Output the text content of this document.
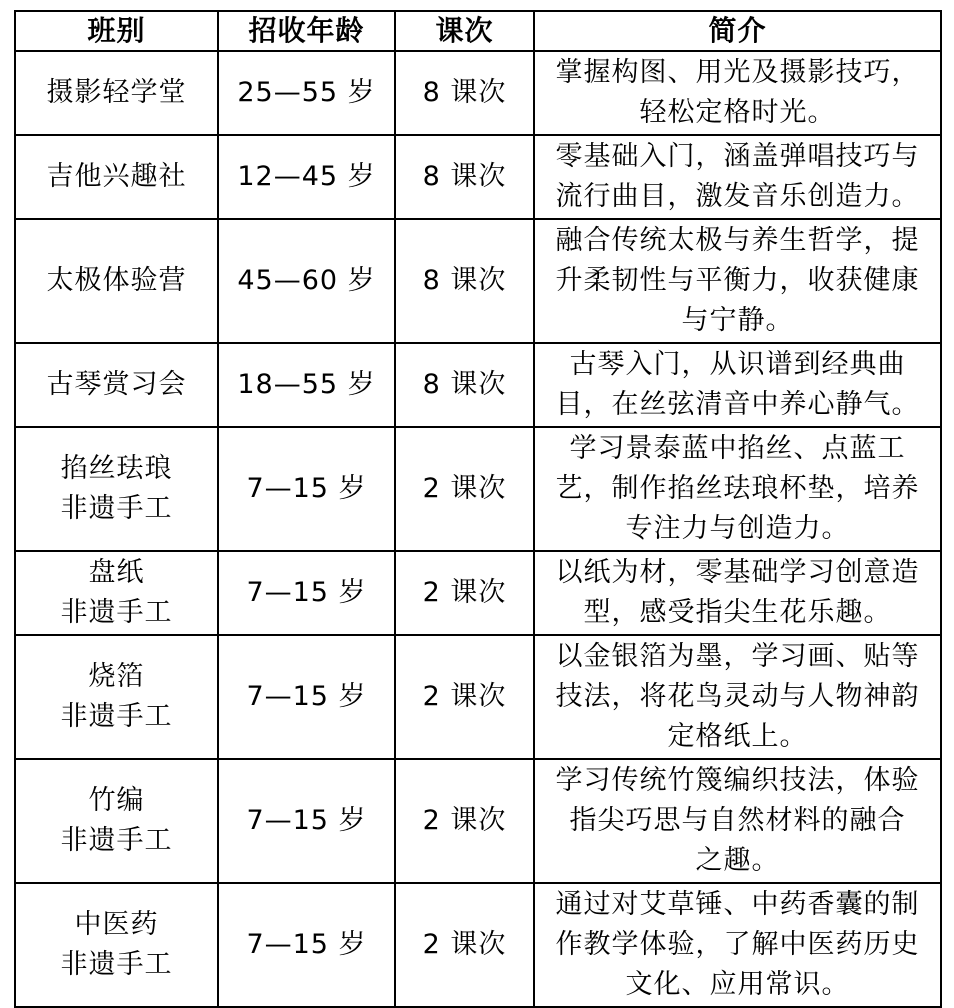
班别	招收年龄	课次	简介

摄影轻学堂	25—55 岁	8 课次	掌握构图、用光及摄影技巧，
轻松定格时光。

吉他兴趣社	12—45 岁	8 课次	零基础入门，涵盖弹唱技巧与
流行曲目，激发音乐创造力。

太极体验营	45—60 岁	8 课次	融合传统太极与养生哲学，提
升柔韧性与平衡力，收获健康
与宁静。

古琴赏习会	18—55 岁	8 课次	古琴入门，从识谱到经典曲
目，在丝弦清音中养心静气。

掐丝珐琅
非遗手工	7—15 岁	2 课次	学习景泰蓝中掐丝、点蓝工
艺，制作掐丝珐琅杯垫，培养
专注力与创造力。

盘纸
非遗手工	7—15 岁	2 课次	以纸为材，零基础学习创意造
型，感受指尖生花乐趣。

烧箔
非遗手工	7—15 岁	2 课次	以金银箔为墨，学习画、贴等
技法，将花鸟灵动与人物神韵
定格纸上。

竹编
非遗手工	7—15 岁	2 课次	学习传统竹篾编织技法，体验
指尖巧思与自然材料的融合
之趣。

中医药
非遗手工	7—15 岁	2 课次	通过对艾草锤、中药香囊的制
作教学体验，了解中医药历史
文化、应用常识。
